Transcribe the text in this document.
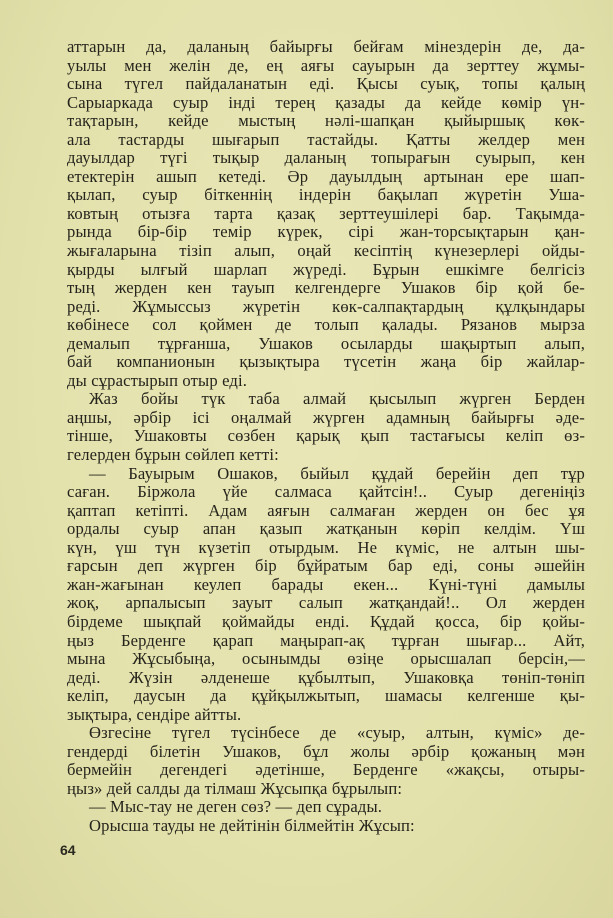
аттарын да, даланың байырғы бейғам мінездерін де, да-
уылы мен желін де, ең аяғы сауырын да зерттеу жұмы-
сына түгел пайдаланатын еді. Қысы суық, топы қалың
Сарыаркада суыр інді терең қазады да кейде көмір үн-
тақтарын, кейде мыстың нәлі-шапқан қыйыршық көк-
ала тастарды шығарып тастайды. Қатты желдер мен
дауылдар түгі тықыр даланың топырағын суырып, кен
етектерін ашып кетеді. Әр дауылдың артынан ере шап-
қылап, суыр біткеннің індерін бақылап жүретін Уша-
ковтың отызға тарта қазақ зерттеушілері бар. Тақымда-
рында бір-бір темір күрек, сірі жан-торсықтарын қан-
жығаларына тізіп алып, оңай кесіптің күнезерлері ойды-
қырды ылғый шарлап жүреді. Бұрын ешкімге белгісіз
тың жерден кен тауып келгендерге Ушаков бір қой бе-
реді. Жұмыссыз жүретін көк-салпақтардың құлқындары
көбінесе сол қоймен де толып қалады. Рязанов мырза
демалып тұрғанша, Ушаков осыларды шақыртып алып,
бай компанионын қызықтыра түсетін жаңа бір жайлар-
ды сұрастырып отыр еді.
Жаз бойы түк таба алмай қысылып жүрген Берден
аңшы, әрбір ісі оңалмай жүрген адамның байырғы әде-
тінше, Ушаковты сөзбен қарық қып тастағысы келіп өз-
гелерден бұрын сөйлеп кетті:
— Бауырым Ошаков, быйыл құдай берейін деп тұр
саған. Біржола үйе салмаса қайтсін!.. Суыр дегеніңіз
қаптап кетіпті. Адам аяғын салмаған жерден он бес ұя
ордалы суыр апан қазып жатқанын көріп келдім. Үш
күн, үш түн күзетіп отырдым. Не күміс, не алтын шы-
ғарсын деп жүрген бір бұйратым бар еді, соны әшейін
жан-жағынан кеулеп барады екен... Күні-түні дамылы
жоқ, арпалысып зауыт салып жатқандай!.. Ол жерден
бірдеме шықпай қоймайды енді. Құдай қосса, бір қойы-
ңыз Берденге қарап маңырап-ақ тұрған шығар... Айт,
мына Жұсыбыңа, осынымды өзіңе орысшалап берсін,—
деді. Жүзін әлденеше құбылтып, Ушаковқа төніп-төніп
келіп, даусын да құйқылжытып, шамасы келгенше қы-
зықтыра, сендіре айтты.
Өзгесіне түгел түсінбесе де «суыр, алтын, күміс» де-
гендерді білетін Ушаков, бұл жолы әрбір қожаның мән
бермейін дегендегі әдетінше, Берденге «жақсы, отыры-
ңыз» дей салды да тілмаш Жұсыпқа бұрылып:
— Мыс-тау не деген сөз? — деп сұрады.
Орысша тауды не дейтінін білмейтін Жұсып:
64
